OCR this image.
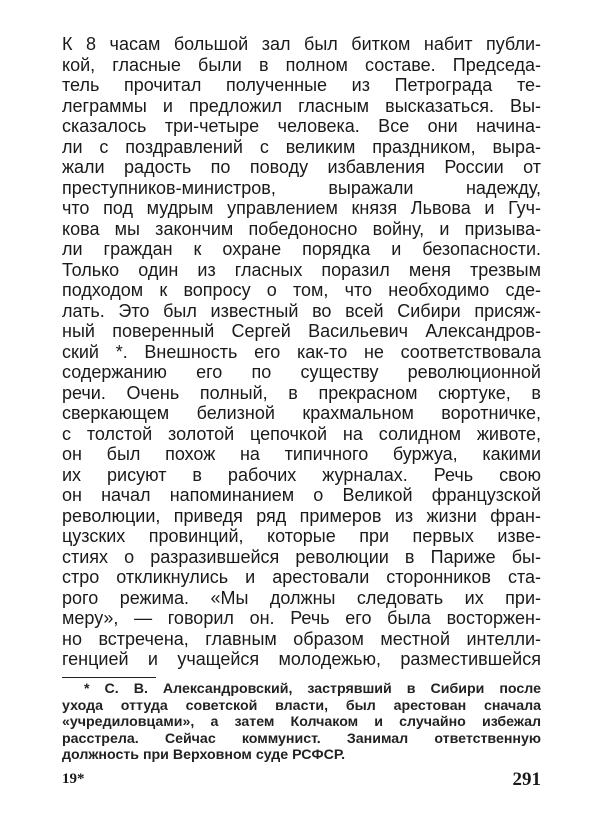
К 8 часам большой зал был битком набит публи-
кой, гласные были в полном составе. Председа-
тель прочитал полученные из Петрограда те-
леграммы и предложил гласным высказаться. Вы-
сказалось три-четыре человека. Все они начина-
ли с поздравлений с великим праздником, выра-
жали радость по поводу избавления России от
преступников-министров, выражали надежду,
что под мудрым управлением князя Львова и Гуч-
кова мы закончим победоносно войну, и призыва-
ли граждан к охране порядка и безопасности.
Только один из гласных поразил меня трезвым
подходом к вопросу о том, что необходимо сде-
лать. Это был известный во всей Сибири присяж-
ный поверенный Сергей Васильевич Александров-
ский *. Внешность его как-то не соответствовала
содержанию его по существу революционной
речи. Очень полный, в прекрасном сюртуке, в
сверкающем белизной крахмальном воротничке,
с толстой золотой цепочкой на солидном животе,
он был похож на типичного буржуа, какими
их рисуют в рабочих журналах. Речь свою
он начал напоминанием о Великой французской
революции, приведя ряд примеров из жизни фран-
цузских провинций, которые при первых изве-
стиях о разразившейся революции в Париже бы-
стро откликнулись и арестовали сторонников ста-
рого режима. «Мы должны следовать их при-
меру», — говорил он. Речь его была восторжен-
но встречена, главным образом местной интелли-
генцией и учащейся молодежью, разместившейся
* С. В. Александровский, застрявший в Сибири после
ухода оттуда советской власти, был арестован сначала
«учредиловцами», а затем Колчаком и случайно избежал
расстрела. Сейчас коммунист. Занимал ответственную
должность при Верховном суде РСФСР.
19*	291
